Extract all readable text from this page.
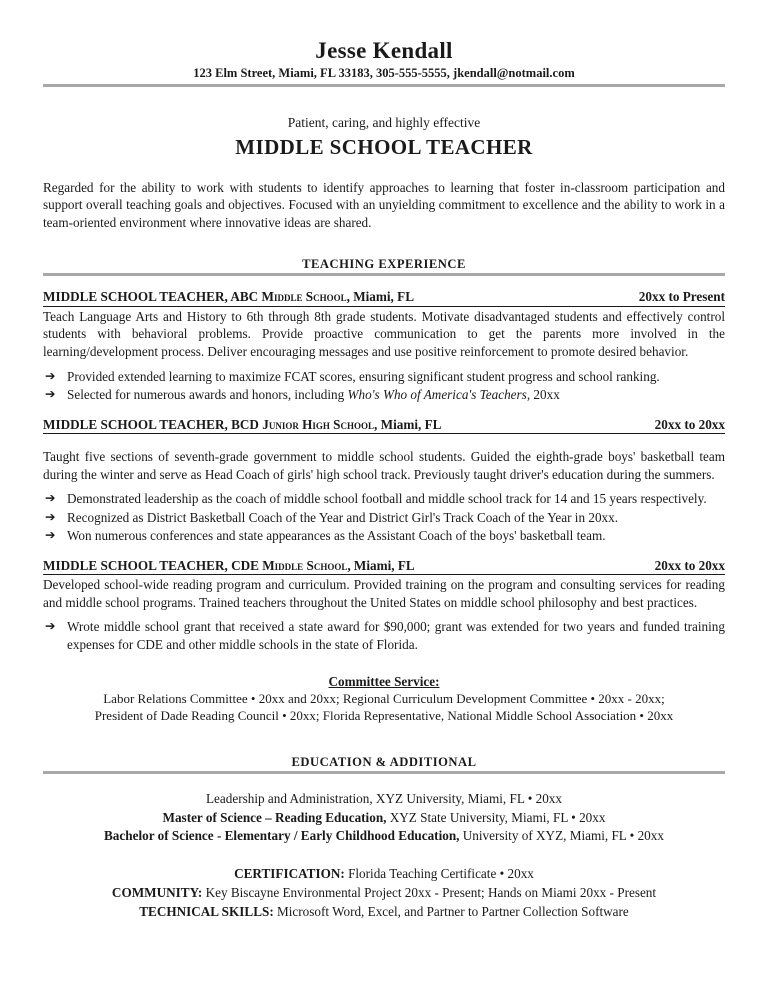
Jesse Kendall
123 Elm Street, Miami, FL 33183, 305-555-5555, jkendall@notmail.com
Patient, caring, and highly effective
MIDDLE SCHOOL TEACHER

Regarded for the ability to work with students to identify approaches to learning that foster in-classroom participation and support overall teaching goals and objectives. Focused with an unyielding commitment to excellence and the ability to work in a team-oriented environment where innovative ideas are shared.

TEACHING EXPERIENCE
MIDDLE SCHOOL TEACHER, ABC Middle School, Miami, FL	20xx to Present

Teach Language Arts and History to 6th through 8th grade students. Motivate disadvantaged students and effectively control students with behavioral problems. Provide proactive communication to get the parents more involved in the learning/development process. Deliver encouraging messages and use positive reinforcement to promote desired behavior.

➔ Provided extended learning to maximize FCAT scores, ensuring significant student progress and school ranking.
➔ Selected for numerous awards and honors, including Who's Who of America's Teachers, 20xx
MIDDLE SCHOOL TEACHER, BCD Junior High School, Miami, FL	20xx to 20xx

Taught five sections of seventh-grade government to middle school students. Guided the eighth-grade boys' basketball team during the winter and serve as Head Coach of girls' high school track. Previously taught driver's education during the summers.

➔ Demonstrated leadership as the coach of middle school football and middle school track for 14 and 15 years respectively.
➔ Recognized as District Basketball Coach of the Year and District Girl's Track Coach of the Year in 20xx.
➔ Won numerous conferences and state appearances as the Assistant Coach of the boys' basketball team.
MIDDLE SCHOOL TEACHER, CDE Middle School, Miami, FL	20xx to 20xx

Developed school-wide reading program and curriculum. Provided training on the program and consulting services for reading and middle school programs. Trained teachers throughout the United States on middle school philosophy and best practices.

➔ Wrote middle school grant that received a state award for $90,000; grant was extended for two years and funded training expenses for CDE and other middle schools in the state of Florida.
Committee Service:
Labor Relations Committee • 20xx and 20xx; Regional Curriculum Development Committee • 20xx - 20xx;
President of Dade Reading Council • 20xx; Florida Representative, National Middle School Association • 20xx
EDUCATION & ADDITIONAL
Leadership and Administration, XYZ University, Miami, FL • 20xx
Master of Science – Reading Education, XYZ State University, Miami, FL • 20xx
Bachelor of Science - Elementary / Early Childhood Education, University of XYZ, Miami, FL • 20xx
CERTIFICATION: Florida Teaching Certificate • 20xx
COMMUNITY: Key Biscayne Environmental Project 20xx - Present; Hands on Miami 20xx - Present
TECHNICAL SKILLS: Microsoft Word, Excel, and Partner to Partner Collection Software
